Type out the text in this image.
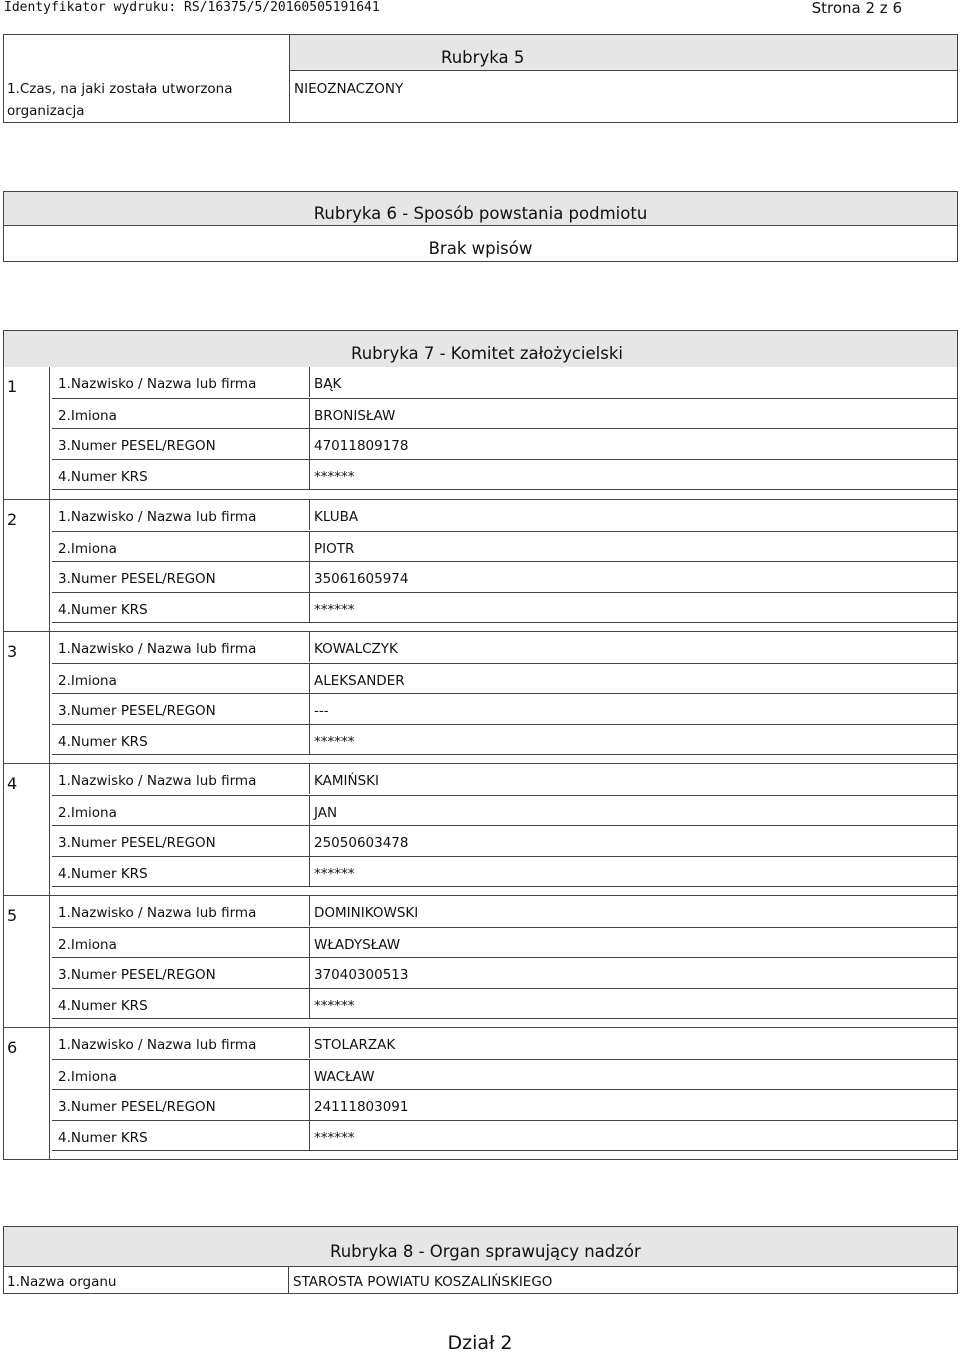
Identyfikator wydruku: RS/16375/5/20160505191641	Strona 2 z 6
Rubryka 5
1.Czas, na jaki została utworzona
organizacja
NIEOZNACZONY
Rubryka 6 - Sposób powstania podmiotu
Brak wpisów
Rubryka 7 - Komitet założycielski
1	1.Nazwisko / Nazwa lub firma	BĄK
2.Imiona	BRONISŁAW
3.Numer PESEL/REGON	47011809178
4.Numer KRS	******
2	1.Nazwisko / Nazwa lub firma	KLUBA
2.Imiona	PIOTR
3.Numer PESEL/REGON	35061605974
4.Numer KRS	******
3	1.Nazwisko / Nazwa lub firma	KOWALCZYK
2.Imiona	ALEKSANDER
3.Numer PESEL/REGON	---
4.Numer KRS	******
4	1.Nazwisko / Nazwa lub firma	KAMIŃSKI
2.Imiona	JAN
3.Numer PESEL/REGON	25050603478
4.Numer KRS	******
5	1.Nazwisko / Nazwa lub firma	DOMINIKOWSKI
2.Imiona	WŁADYSŁAW
3.Numer PESEL/REGON	37040300513
4.Numer KRS	******
6	1.Nazwisko / Nazwa lub firma	STOLARZAK
2.Imiona	WACŁAW
3.Numer PESEL/REGON	24111803091
4.Numer KRS	******
Rubryka 8 - Organ sprawujący nadzór
1.Nazwa organu	STAROSTA POWIATU KOSZALIŃSKIEGO
Dział 2
